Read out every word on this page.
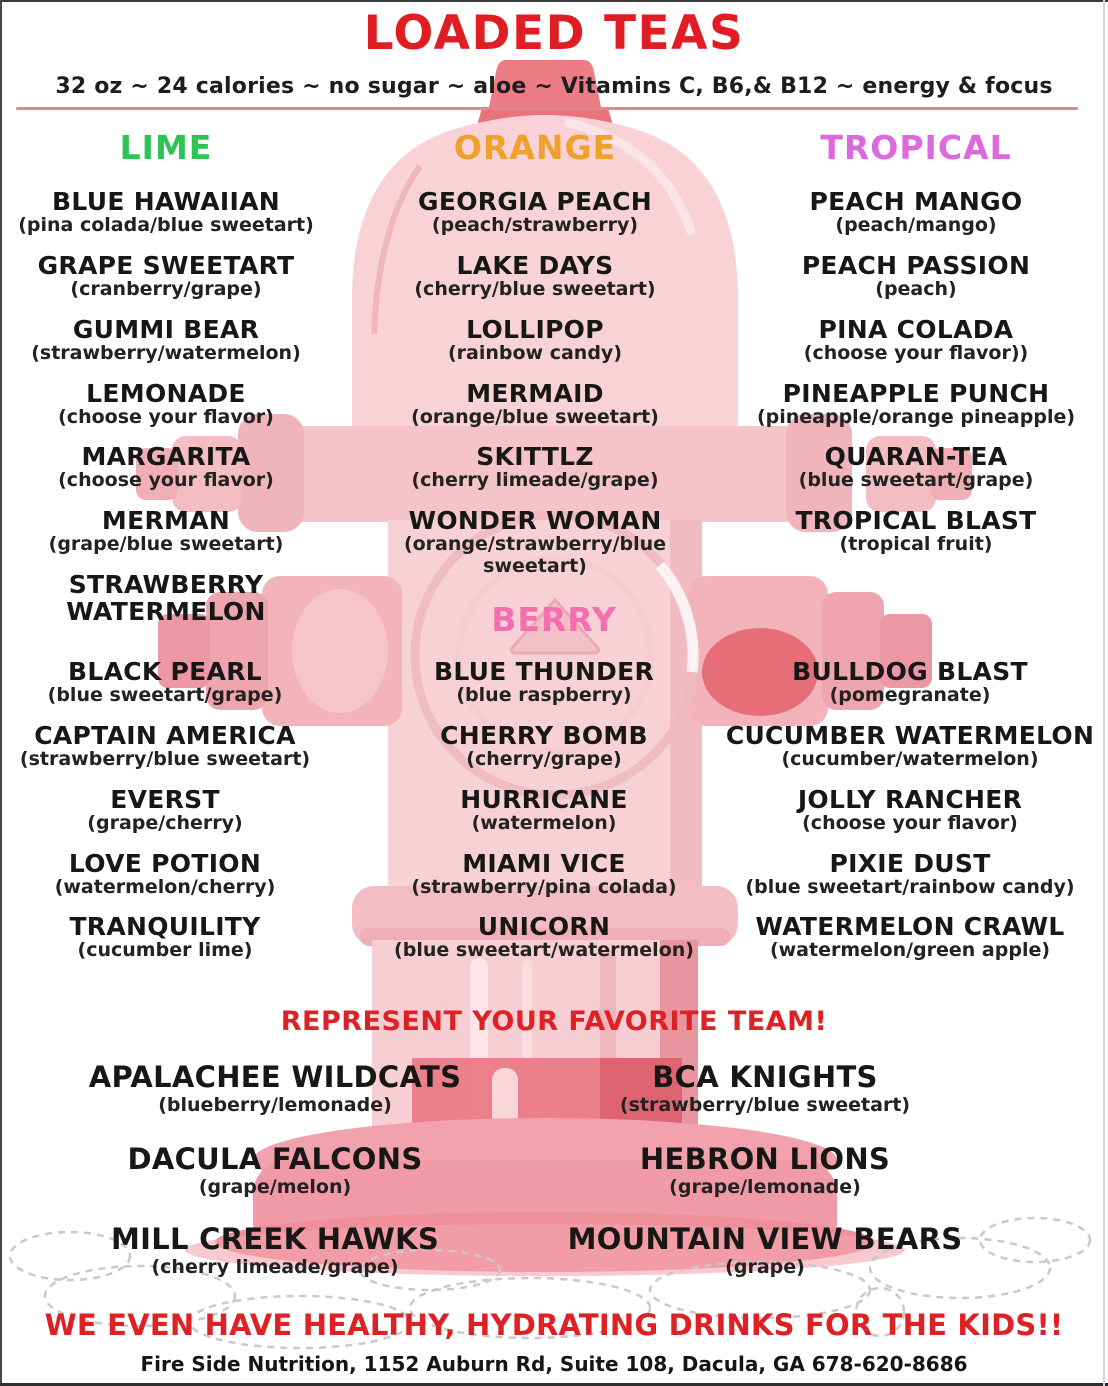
LOADED TEAS
32 oz ~ 24 calories ~ no sugar ~ aloe ~ Vitamins C, B6,& B12 ~ energy & focus
LIME	ORANGE	TROPICAL
BLUE HAWAIIAN
(pina colada/blue sweetart)
GRAPE SWEETART
(cranberry/grape)
GUMMI BEAR
(strawberry/watermelon)
LEMONADE
(choose your flavor)
MARGARITA
(choose your flavor)
MERMAN
(grape/blue sweetart)
STRAWBERRY WATERMELON
GEORGIA PEACH
(peach/strawberry)
LAKE DAYS
(cherry/blue sweetart)
LOLLIPOP
(rainbow candy)
MERMAID
(orange/blue sweetart)
SKITTLZ
(cherry limeade/grape)
WONDER WOMAN
(orange/strawberry/blue sweetart)
PEACH MANGO
(peach/mango)
PEACH PASSION
(peach)
PINA COLADA
(choose your flavor))
PINEAPPLE PUNCH
(pineapple/orange pineapple)
QUARAN-TEA
(blue sweetart/grape)
TROPICAL BLAST
(tropical fruit)
BERRY
BLACK PEARL
(blue sweetart/grape)
CAPTAIN AMERICA
(strawberry/blue sweetart)
EVERST
(grape/cherry)
LOVE POTION
(watermelon/cherry)
TRANQUILITY
(cucumber lime)
BLUE THUNDER
(blue raspberry)
CHERRY BOMB
(cherry/grape)
HURRICANE
(watermelon)
MIAMI VICE
(strawberry/pina colada)
UNICORN
(blue sweetart/watermelon)
BULLDOG BLAST
(pomegranate)
CUCUMBER WATERMELON
(cucumber/watermelon)
JOLLY RANCHER
(choose your flavor)
PIXIE DUST
(blue sweetart/rainbow candy)
WATERMELON CRAWL
(watermelon/green apple)
REPRESENT YOUR FAVORITE TEAM!
APALACHEE WILDCATS
(blueberry/lemonade)
BCA KNIGHTS
(strawberry/blue sweetart)
DACULA FALCONS
(grape/melon)
HEBRON LIONS
(grape/lemonade)
MILL CREEK HAWKS
(cherry limeade/grape)
MOUNTAIN VIEW BEARS
(grape)
WE EVEN HAVE HEALTHY, HYDRATING DRINKS FOR THE KIDS!!
Fire Side Nutrition, 1152 Auburn Rd, Suite 108, Dacula, GA 678-620-8686
